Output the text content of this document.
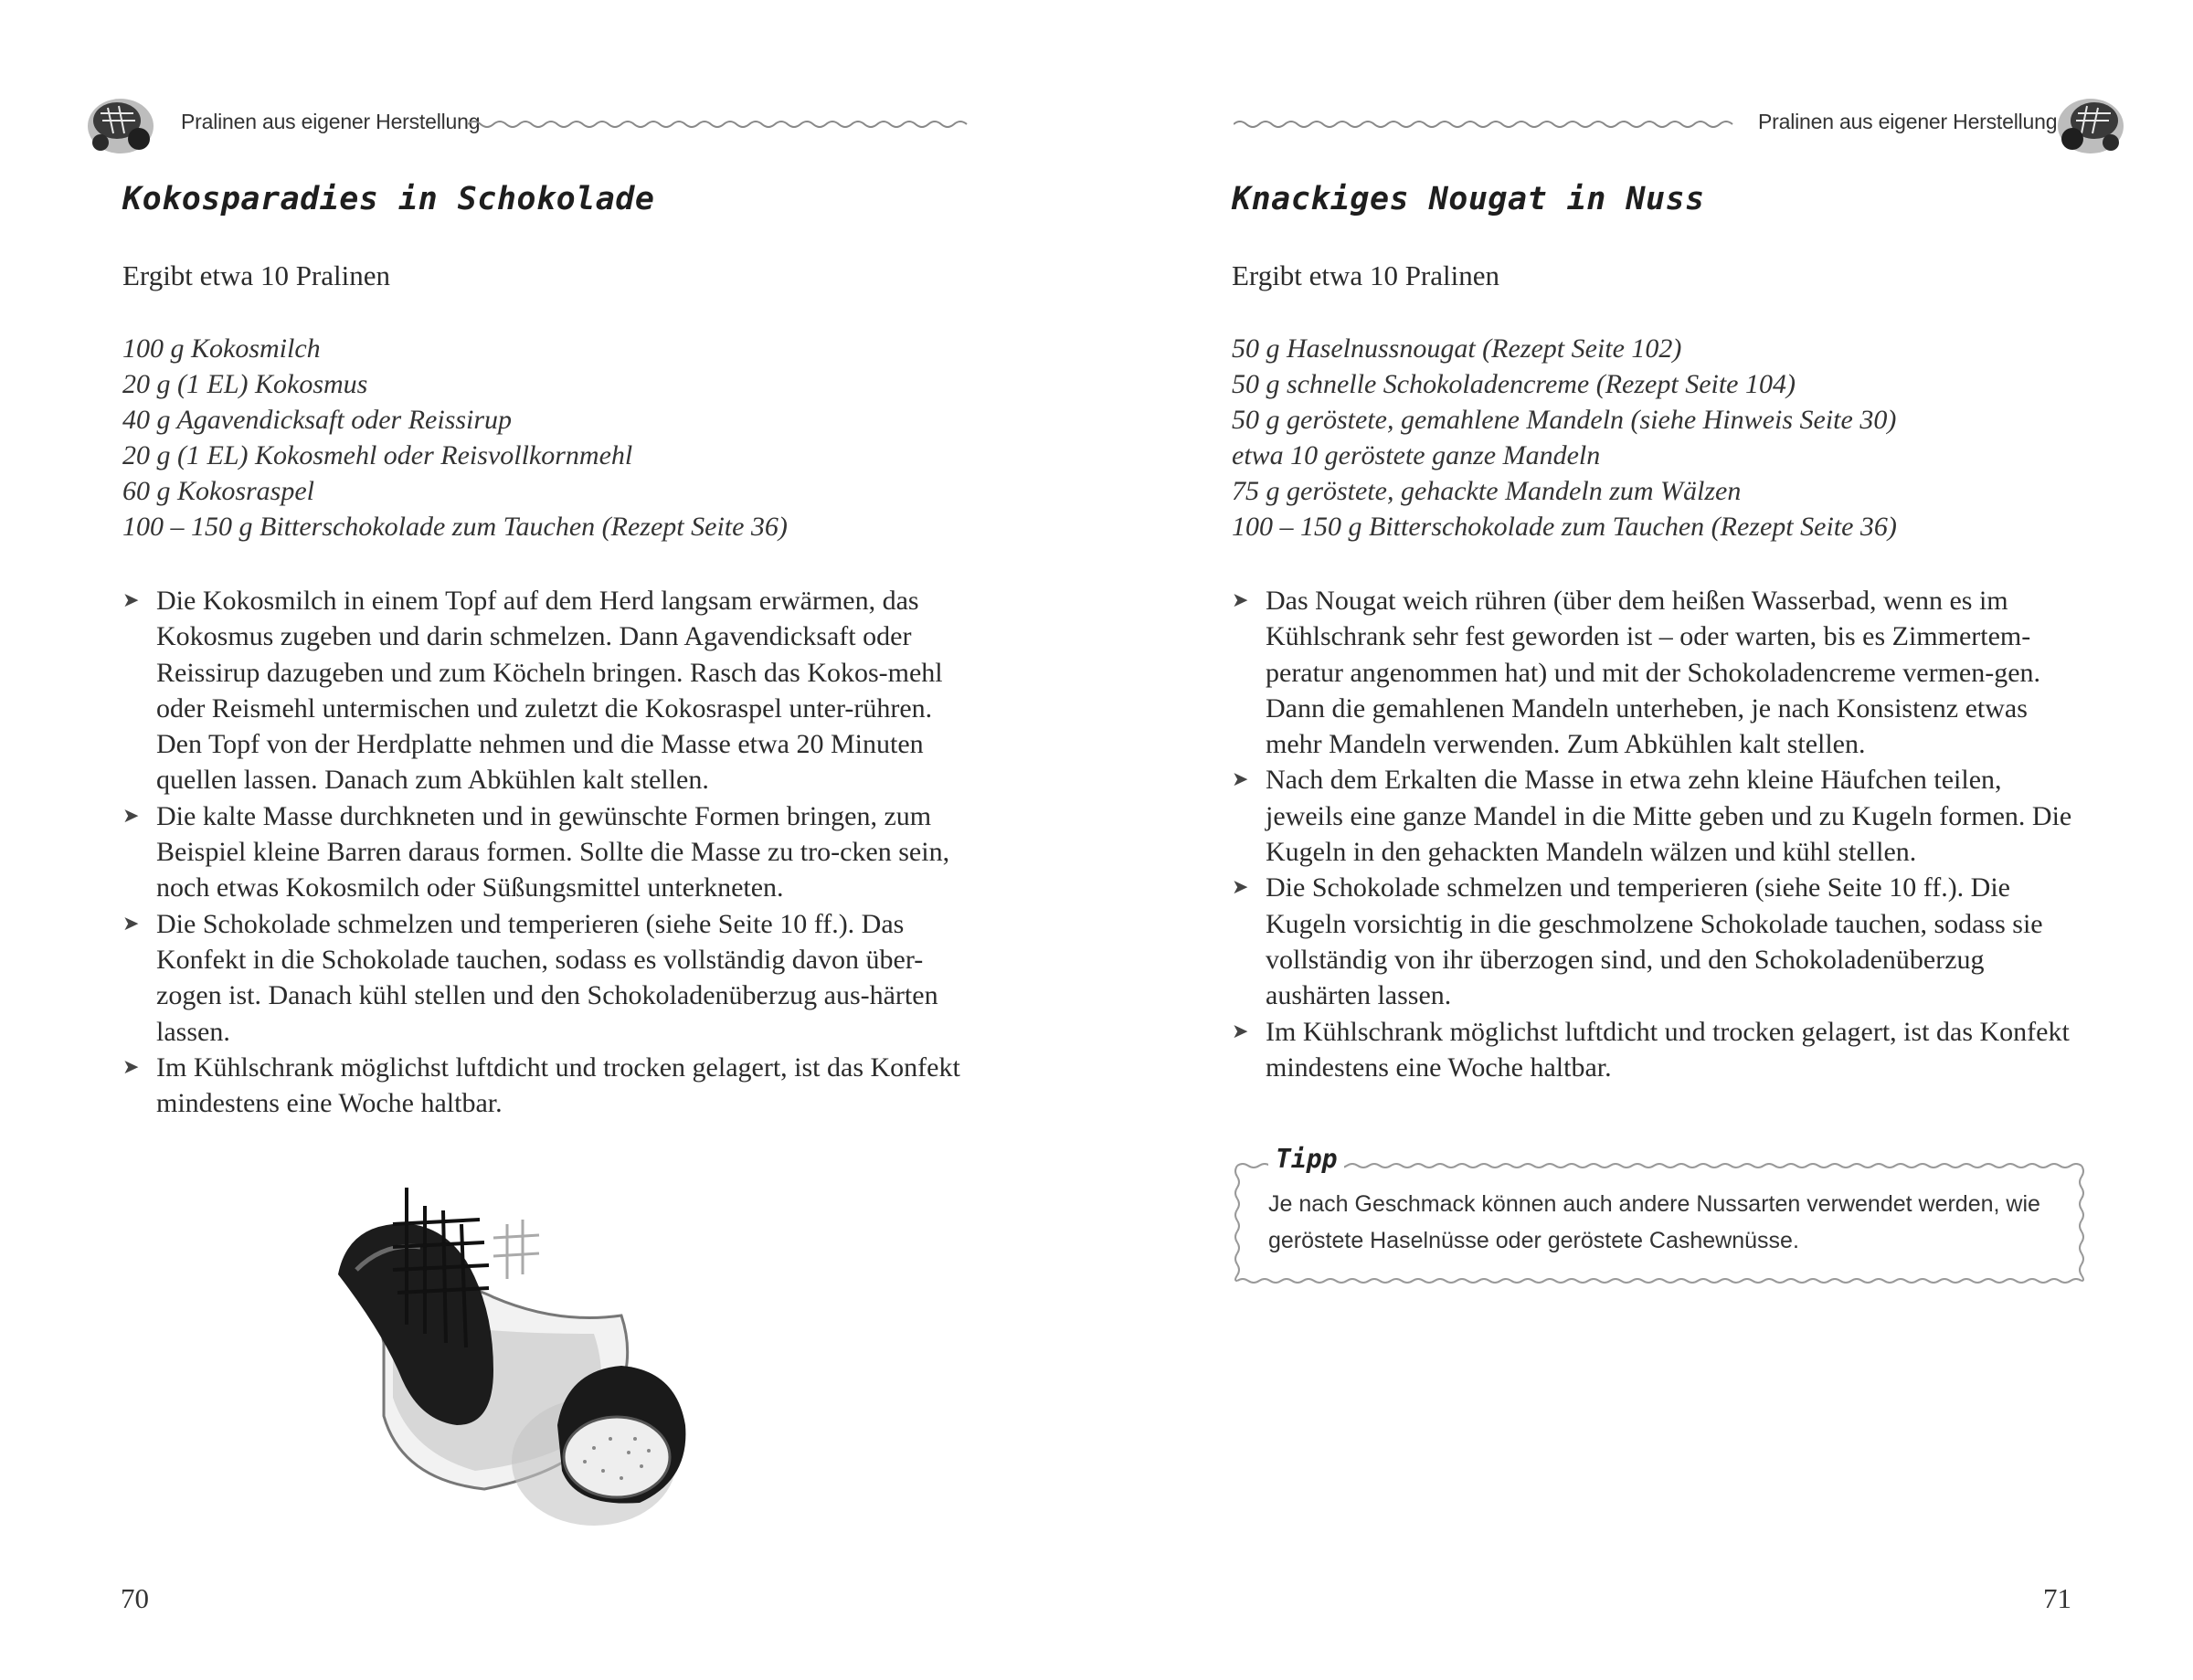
Pralinen aus eigener Herstellung
Kokosparadies in Schokolade
Ergibt etwa 10 Pralinen
100 g Kokosmilch
20 g (1 EL) Kokosmus
40 g Agavendicksaft oder Reissirup
20 g (1 EL) Kokosmehl oder Reisvollkornmehl
60 g Kokosraspel
100 – 150 g Bitterschokolade zum Tauchen (Rezept Seite 36)
➤ Die Kokosmilch in einem Topf auf dem Herd langsam erwärmen, das Kokosmus zugeben und darin schmelzen. Dann Agavendicksaft oder Reissirup dazugeben und zum Köcheln bringen. Rasch das Kokos-mehl oder Reismehl untermischen und zuletzt die Kokosraspel unter-rühren. Den Topf von der Herdplatte nehmen und die Masse etwa 20 Minuten quellen lassen. Danach zum Abkühlen kalt stellen.
➤ Die kalte Masse durchkneten und in gewünschte Formen bringen, zum Beispiel kleine Barren daraus formen. Sollte die Masse zu tro-cken sein, noch etwas Kokosmilch oder Süßungsmittel unterkneten.
➤ Die Schokolade schmelzen und temperieren (siehe Seite 10 ff.). Das Konfekt in die Schokolade tauchen, sodass es vollständig davon über-zogen ist. Danach kühl stellen und den Schokoladenüberzug aus-härten lassen.
➤ Im Kühlschrank möglichst luftdicht und trocken gelagert, ist das Konfekt mindestens eine Woche haltbar.
70
Pralinen aus eigener Herstellung
Knackiges Nougat in Nuss
Ergibt etwa 10 Pralinen
50 g Haselnussnougat (Rezept Seite 102)
50 g schnelle Schokoladencreme (Rezept Seite 104)
50 g geröstete, gemahlene Mandeln (siehe Hinweis Seite 30)
etwa 10 geröstete ganze Mandeln
75 g geröstete, gehackte Mandeln zum Wälzen
100 – 150 g Bitterschokolade zum Tauchen (Rezept Seite 36)
➤ Das Nougat weich rühren (über dem heißen Wasserbad, wenn es im Kühlschrank sehr fest geworden ist – oder warten, bis es Zimmertem-peratur angenommen hat) und mit der Schokoladencreme vermen-gen. Dann die gemahlenen Mandeln unterheben, je nach Konsistenz etwas mehr Mandeln verwenden. Zum Abkühlen kalt stellen.
➤ Nach dem Erkalten die Masse in etwa zehn kleine Häufchen teilen, jeweils eine ganze Mandel in die Mitte geben und zu Kugeln formen. Die Kugeln in den gehackten Mandeln wälzen und kühl stellen.
➤ Die Schokolade schmelzen und temperieren (siehe Seite 10 ff.). Die Kugeln vorsichtig in die geschmolzene Schokolade tauchen, sodass sie vollständig von ihr überzogen sind, und den Schokoladenüberzug aushärten lassen.
➤ Im Kühlschrank möglichst luftdicht und trocken gelagert, ist das Konfekt mindestens eine Woche haltbar.
Tipp
Je nach Geschmack können auch andere Nussarten verwendet werden, wie geröstete Haselnüsse oder geröstete Cashewnüsse.
71
